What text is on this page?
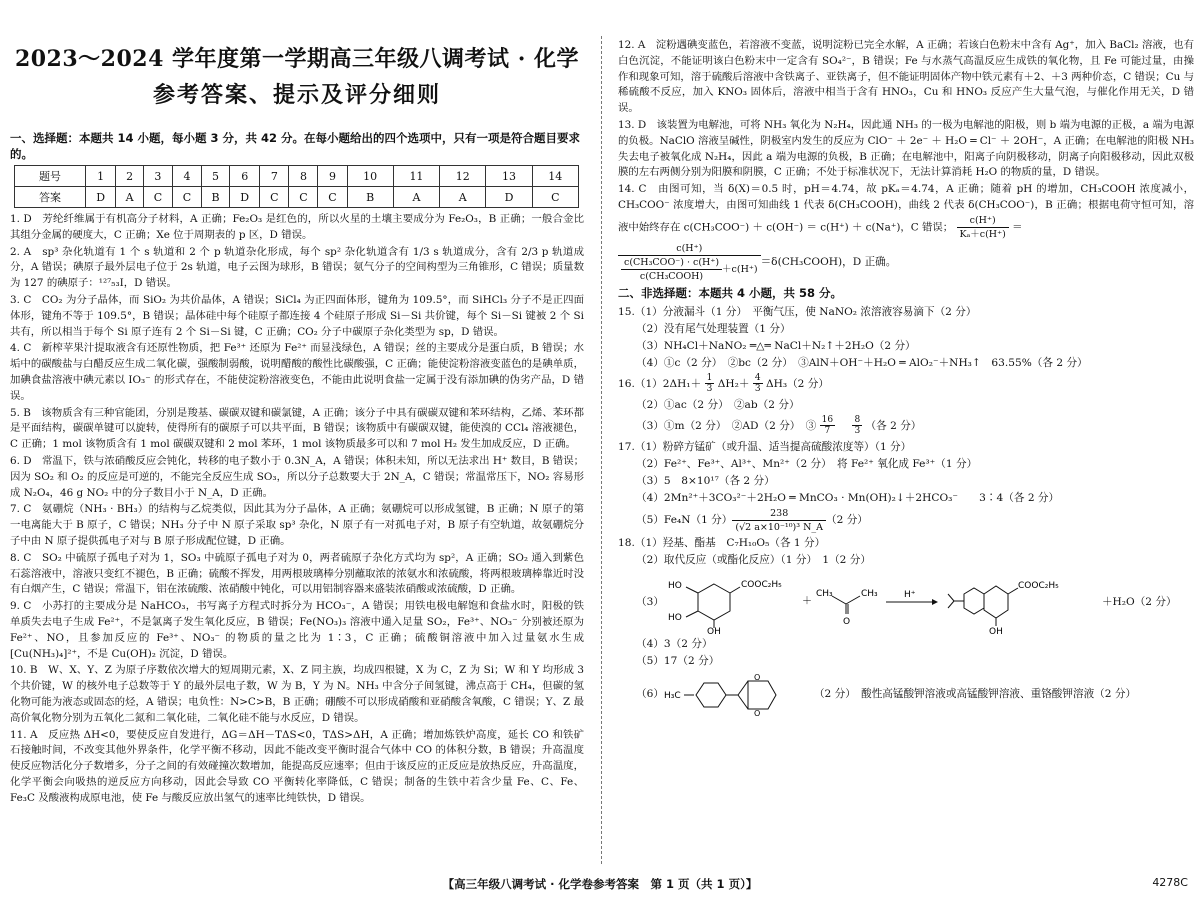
2023～2024 学年度第一学期高三年级八调考试 · 化学
参考答案、提示及评分细则
一、选择题：本题共 14 小题，每小题 3 分，共 42 分。在每小题给出的四个选项中，只有一项是符合题目要求的。
题号	1	2	3	4	5	6	7	8	9	10	11	12	13	14
答案	D	A	C	C	B	D	C	C	C	B	A	A	D	C
1. D　芳纶纤维属于有机高分子材料，A 正确；Fe₂O₃ 是红色的，所以火星的土壤主要成分为 Fe₂O₃，B 正确；一般合金比其组分金属的硬度大，C 正确；Xe 位于周期表的 p 区，D 错误。
2. A　sp³ 杂化轨道有 1 个 s 轨道和 2 个 p 轨道杂化形成，每个 sp² 杂化轨道含有 1/3 s 轨道成分，含有 2/3 p 轨道成分，A 错误；碘原子最外层电子位于 2s 轨道，电子云图为球形，B 错误；氨气分子的空间构型为三角锥形，C 错误；质量数为 127 的碘原子：¹²⁷₅₃I，D 错误。
3. C　CO₂ 为分子晶体，而 SiO₂ 为共价晶体，A 错误；SiCl₄ 为正四面体形，键角为 109.5°，而 SiHCl₃ 分子不是正四面体形，键角不等于 109.5°，B 错误；晶体硅中每个硅原子都连接 4 个硅原子形成 Si－Si 共价键，每个 Si－Si 键被 2 个 Si 共有，所以相当于每个 Si 原子连有 2 个 Si－Si 键，C 正确；CO₂ 分子中碳原子杂化类型为 sp，D 错误。
4. C　新榨苹果汁提取液含有还原性物质，把 Fe³⁺ 还原为 Fe²⁺ 而显浅绿色，A 错误；丝的主要成分是蛋白质，B 错误；水垢中的碳酸盐与白醋反应生成二氧化碳，强酸制弱酸，说明醋酸的酸性比碳酸强，C 正确；能使淀粉溶液变蓝色的是碘单质，加碘食盐溶液中碘元素以 IO₃⁻ 的形式存在，不能使淀粉溶液变色，不能由此说明食盐一定属于没有添加碘的伪劣产品，D 错误。
5. B　该物质含有三种官能团，分别是羧基、碳碳双键和碳氯键，A 正确；该分子中具有碳碳双键和苯环结构，乙烯、苯环都是平面结构，碳碳单键可以旋转，使得所有的碳原子可以共平面，B 错误；该物质中有碳碳双键，能使溴的 CCl₄ 溶液褪色，C 正确；1 mol 该物质含有 1 mol 碳碳双键和 2 mol 苯环，1 mol 该物质最多可以和 7 mol H₂ 发生加成反应，D 正确。
6. D　常温下，铁与浓硝酸反应会钝化，转移的电子数小于 0.3N_A，A 错误；体积未知，所以无法求出 H⁺ 数目，B 错误；因为 SO₂ 和 O₂ 的反应是可逆的，不能完全反应生成 SO₃，所以分子总数要大于 2N_A，C 错误；常温常压下，NO₂ 容易形成 N₂O₄，46 g NO₂ 中的分子数目小于 N_A，D 正确。
7. C　氨硼烷（NH₃ · BH₃）的结构与乙烷类似，因此其为分子晶体，A 正确；氨硼烷可以形成氢键，B 正确；N 原子的第一电离能大于 B 原子，C 错误；NH₃ 分子中 N 原子采取 sp³ 杂化，N 原子有一对孤电子对，B 原子有空轨道，故氨硼烷分子中由 N 原子提供孤电子对与 B 原子形成配位键，D 正确。
8. C　SO₂ 中硫原子孤电子对为 1，SO₃ 中硫原子孤电子对为 0，两者硫原子杂化方式均为 sp²，A 正确；SO₂ 通入到紫色石蕊溶液中，溶液只变红不褪色，B 正确；硫酸不挥发，用两根玻璃棒分别蘸取浓的浓氨水和浓硫酸，将两根玻璃棒靠近时没有白烟产生，C 错误；常温下，铝在浓硫酸、浓硝酸中钝化，可以用铝制容器来盛装浓硝酸或浓硫酸，D 正确。
9. C　小苏打的主要成分是 NaHCO₃，书写离子方程式时拆分为 HCO₃⁻，A 错误；用铁电极电解饱和食盐水时，阳极的铁单质失去电子生成 Fe²⁺，不是氯离子发生氧化反应，B 错误；Fe(NO₃)₃ 溶液中通入足量 SO₂，Fe³⁺、NO₃⁻ 分别被还原为 Fe²⁺、NO，且参加反应的 Fe³⁺、NO₃⁻ 的物质的量之比为 1∶3，C 正确；硫酸铜溶液中加入过量氨水生成[Cu(NH₃)₄]²⁺，不是 Cu(OH)₂ 沉淀，D 错误。
10. B　W、X、Y、Z 为原子序数依次增大的短周期元素，X、Z 同主族，均成四根键，X 为 C，Z 为 Si；W 和 Y 均形成 3 个共价键，W 的核外电子总数等于 Y 的最外层电子数，W 为 B，Y 为 N。NH₃ 中含分子间氢键，沸点高于 CH₄，但碳的氢化物可能为液态或固态的烃，A 错误；电负性：N>C>B，B 正确；硼酸不可以形成硝酸和亚硝酸含氧酸，C 错误；Y、Z 最高价氧化物分别为五氧化二氮和二氧化硅，二氧化硅不能与水反应，D 错误。
11. A　反应热 ΔH<0，要使反应自发进行，ΔG＝ΔH－TΔS<0，TΔS>ΔH，A 正确；增加炼铁炉高度，延长 CO 和铁矿石接触时间，不改变其他外界条件，化学平衡不移动，因此不能改变平衡时混合气体中 CO 的体积分数，B 错误；升高温度使反应物活化分子数增多，分子之间的有效碰撞次数增加，能提高反应速率；但由于该反应的正反应是放热反应，升高温度，化学平衡会向吸热的逆反应方向移动，因此会导致 CO 平衡转化率降低，C 错误；制备的生铁中若含少量 Fe、C、Fe、Fe₃C 及酸液构成原电池，使 Fe 与酸反应放出氢气的速率比纯铁快，D 错误。
12. A　淀粉遇碘变蓝色，若溶液不变蓝，说明淀粉已完全水解，A 正确；若该白色粉末中含有 Ag⁺，加入 BaCl₂ 溶液，也有白色沉淀，不能证明该白色粉末中一定含有 SO₄²⁻，B 错误；Fe 与水蒸气高温反应生成铁的氧化物，且 Fe 可能过量，由操作和现象可知，溶于硫酸后溶液中含铁离子、亚铁离子，但不能证明固体产物中铁元素有＋2、＋3 两种价态，C 错误；Cu 与稀硫酸不反应，加入 KNO₃ 固体后，溶液中相当于含有 HNO₃，Cu 和 HNO₃ 反应产生大量气泡，与催化作用无关，D 错误。
13. D　该装置为电解池，可将 NH₃ 氧化为 N₂H₄，因此通 NH₃ 的一极为电解池的阳极，则 b 端为电源的正极，a 端为电源的负极。NaClO 溶液呈碱性，阴极室内发生的反应为 ClO⁻ ＋ 2e⁻ ＋ H₂O ═ Cl⁻ ＋ 2OH⁻，A 正确；在电解池的阳极 NH₃ 失去电子被氧化成 N₂H₄，因此 a 端为电源的负极，B 正确；在电解池中，阳离子向阴极移动，阴离子向阳极移动，因此双极膜的左右两侧分别为阳膜和阴膜，C 正确；不处于标准状况下，无法计算消耗 H₂O 的物质的量，D 错误。
14. C　由图可知，当 δ(X)＝0.5 时，pH＝4.74，故 pKₐ＝4.74，A 正确；随着 pH 的增加，CH₃COOH 浓度减小，CH₃COO⁻ 浓度增大，由图可知曲线 1 代表 δ(CH₃COOH)，曲线 2 代表 δ(CH₃COO⁻)，B 正确；根据电荷守恒可知，溶液中始终存在 c(CH₃COO⁻) ＋ c(OH⁻) ＝ c(H⁺) ＋ c(Na⁺)，C 错误； $\frac{c(H^+)}{\text{Kₐ＋c(H⁺)}}$ ＝
c(H⁺)
$\frac{\text{c(CH₃COO⁻) · c(H⁺)}}{\text{c(CH₃COOH)}} +c(H^+)$
＝δ(CH₃COOH)，D 正确。
二、非选择题：本题共 4 小题，共 58 分。
15.（1）分液漏斗（1 分）　平衡气压，使 NaNO₂ 浓溶液容易滴下（2 分）
（2）没有尾气处理装置（1 分）
（3）NH₄Cl＋NaNO₂ ═△═ NaCl＋N₂↑＋2H₂O（2 分）
（4）①c（2 分）　②bc（2 分）　③AlN＋OH⁻＋H₂O ═ AlO₂⁻＋NH₃↑　63.55%（各 2 分）
$16.(1)2\Delta H_1+ \frac{1}{3} \Delta H_2+ \frac{4}{3} \Delta H_3(2$ 分）
（2）①ac（2 分）　②ab（2 分）
（3）①m（2 分）　②AD（2 分）　③ $\frac{16}{7}$
　 $\frac{8}{3}$ （各 2 分）
17.（1）粉碎方锰矿（或升温、适当提高硫酸浓度等）（1 分）
（2）Fe²⁺、Fe³⁺、Al³⁺、Mn²⁺（2 分）　将 Fe²⁺ 氧化成 Fe³⁺（1 分）
（3）5　8×10¹⁷（各 2 分）
（4）2Mn²⁺＋3CO₃²⁻＋2H₂O ═ MnCO₃ · Mn(OH)₂↓＋2HCO₃⁻　　3∶4（各 2 分）
（5）Fe₄N（1 分） $\frac{238}{\text{(√2 a×10⁻¹⁰)³ N\_A}} (2$ 分）
18.（1）羟基、酯基　C₇H₁₀O₅（各 1 分）
（2）取代反应（或酯化反应）（1 分）　1（2 分）
（3）
HO
HO
COOC₂H₅
OH
＋
CH₃	CH₃
O
H⁺
COOC₂H₅
OH
＋H₂O（2 分）
（4）3（2 分）
（5）17（2 分）
（6） H₃C
O
O
（2 分）　酸性高锰酸钾溶液或高锰酸钾溶液、重铬酸钾溶液（2 分）
【高三年级八调考试 · 化学卷参考答案　第 1 页（共 1 页）】	4278C
